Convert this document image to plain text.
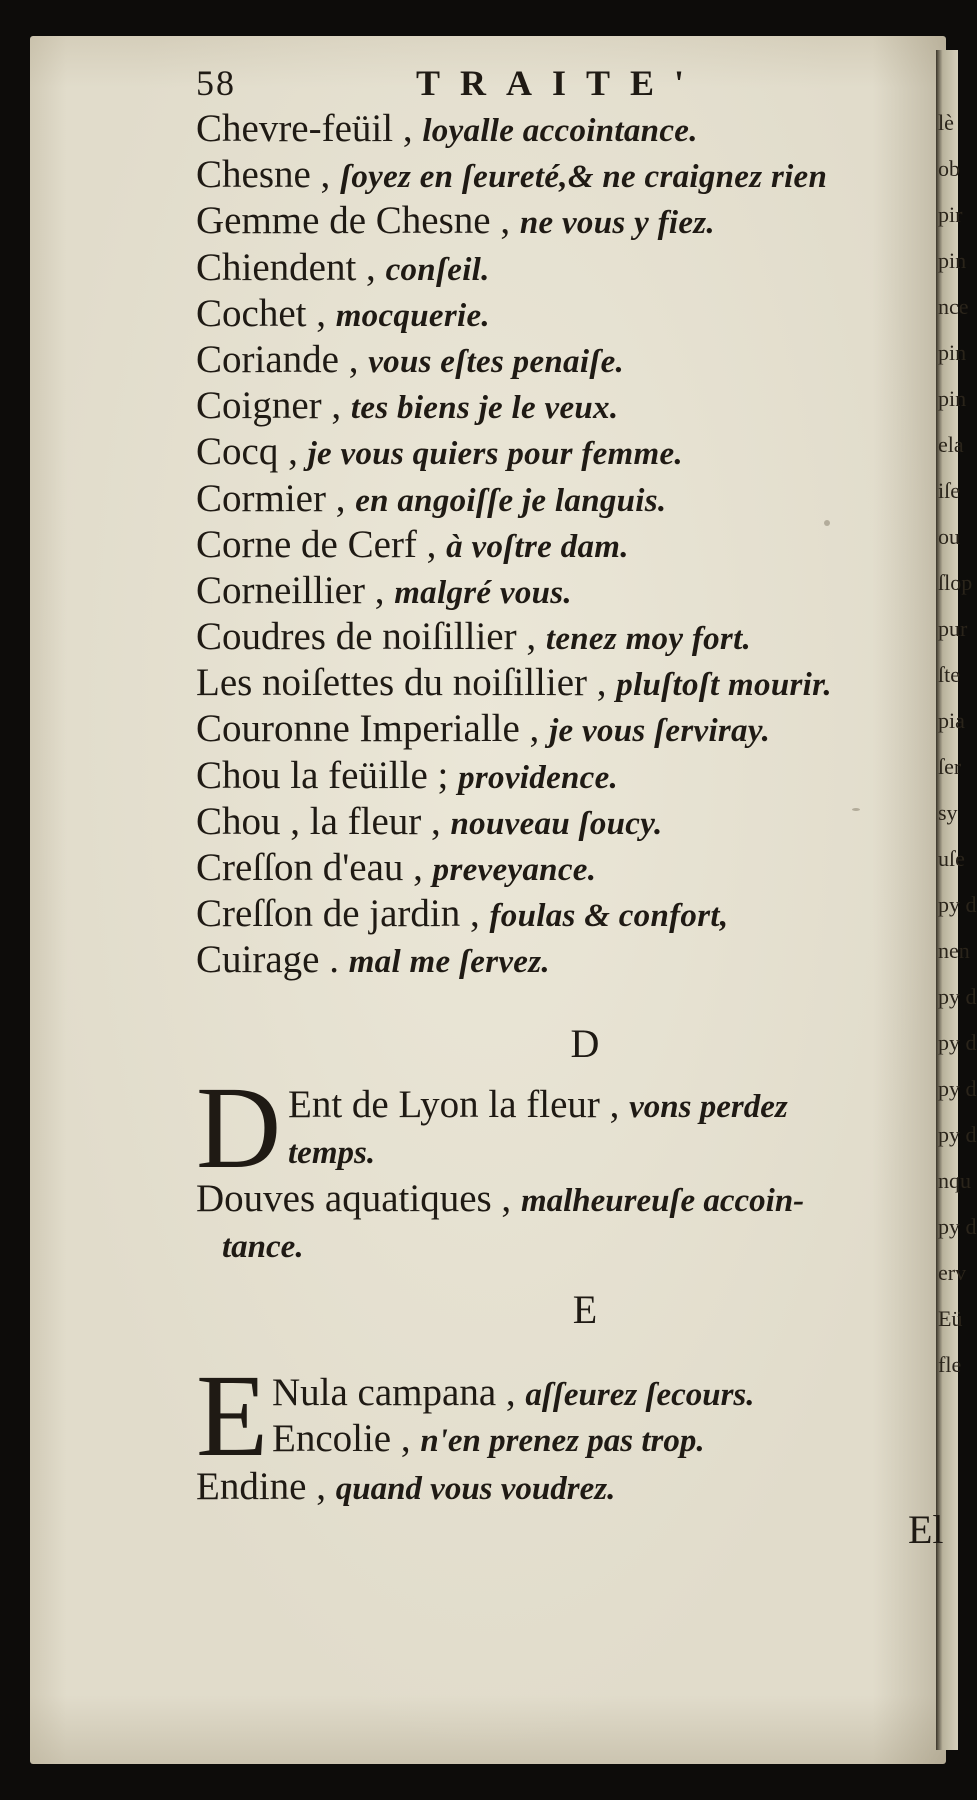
lè
ob
pir
pin
nce
pin
pin
ela
iſe
ou
ſlop
pur
ſte
pia
ſer
sy
uſe
py d
nen
py d
py d
py d
py d
nqu
py d
erv
Eü
fle
58	TRAITE'
Chevre-feüil , loyalle accointance.
Chesne , ſoyez en ſeureté,& ne craignez rien
Gemme de Chesne , ne vous y fiez.
Chiendent , conſeil.
Cochet , mocquerie.
Coriande , vous eſtes penaiſe.
Coigner , tes biens je le veux.
Cocq , je vous quiers pour femme.
Cormier , en angoiſſe je languis.
Corne de Cerf , à voſtre dam.
Corneillier , malgré vous.
Coudres de noiſillier , tenez moy fort.
Les noiſettes du noiſillier , pluſtoſt mourir.
Couronne Imperialle , je vous ſerviray.
Chou la feüille ; providence.
Chou , la fleur , nouveau ſoucy.
Creſſon d'eau , preveyance.
Creſſon de jardin , foulas & confort,
Cuirage . mal me ſervez.
D
D Ent de Lyon la fleur , vons perdez
temps.
Douves aquatiques , malheureuſe accoin-
tance.
E
E Nula campana , aſſeurez ſecours.
Encolie , n'en prenez pas trop.
Endine , quand vous voudrez.
El
